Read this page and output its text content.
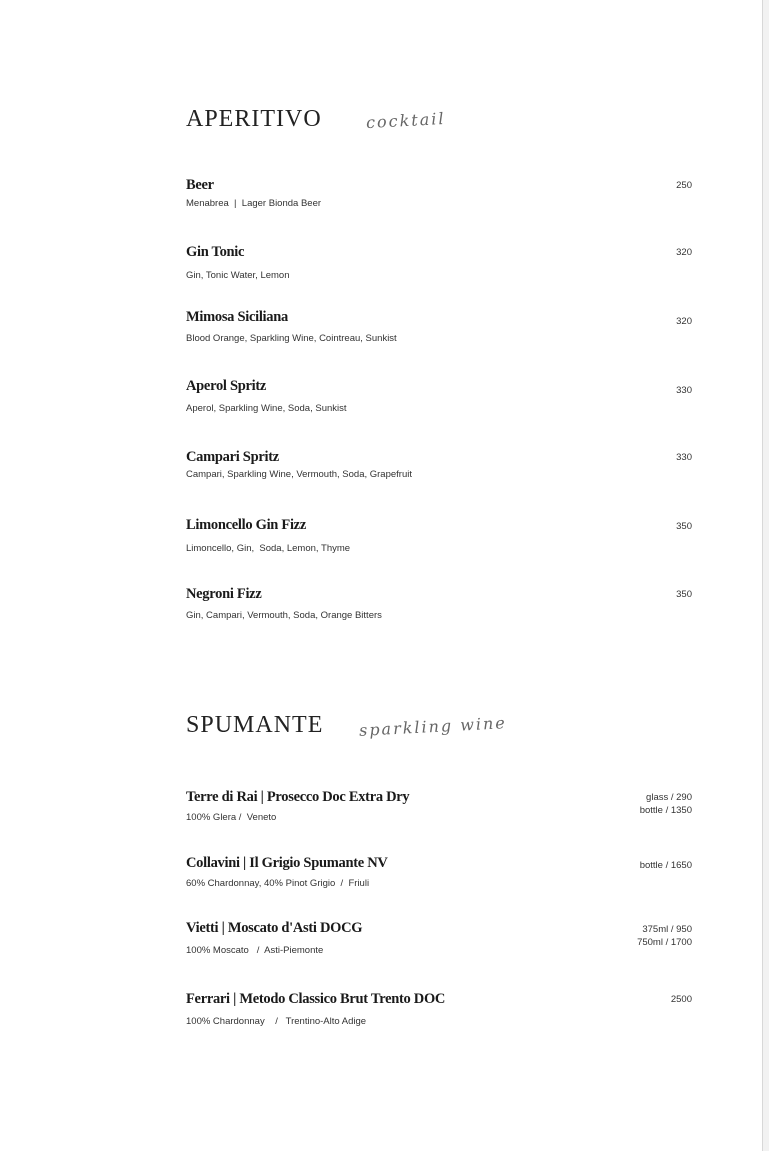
APERITIVO	cocktail
Beer
Menabrea  |  Lager Bionda Beer
250
Gin Tonic
Gin, Tonic Water, Lemon
320
Mimosa Siciliana
Blood Orange, Sparkling Wine, Cointreau, Sunkist
320
Aperol Spritz
Aperol, Sparkling Wine, Soda, Sunkist
330
Campari Spritz
Campari, Sparkling Wine, Vermouth, Soda, Grapefruit
330
Limoncello Gin Fizz
Limoncello, Gin,  Soda, Lemon, Thyme
350
Negroni Fizz
Gin, Campari, Vermouth, Soda, Orange Bitters
350
SPUMANTE sparkling wine
Terre di Rai | Prosecco Doc Extra Dry
100% Glera /  Veneto
glass / 290
bottle / 1350
Collavini | Il Grigio Spumante NV
60% Chardonnay, 40% Pinot Grigio  /  Friuli
bottle / 1650
Vietti | Moscato d'Asti DOCG
100% Moscato   /  Asti-Piemonte
375ml / 950
750ml / 1700
Ferrari | Metodo Classico Brut Trento DOC
100% Chardonnay    /   Trentino-Alto Adige
2500
